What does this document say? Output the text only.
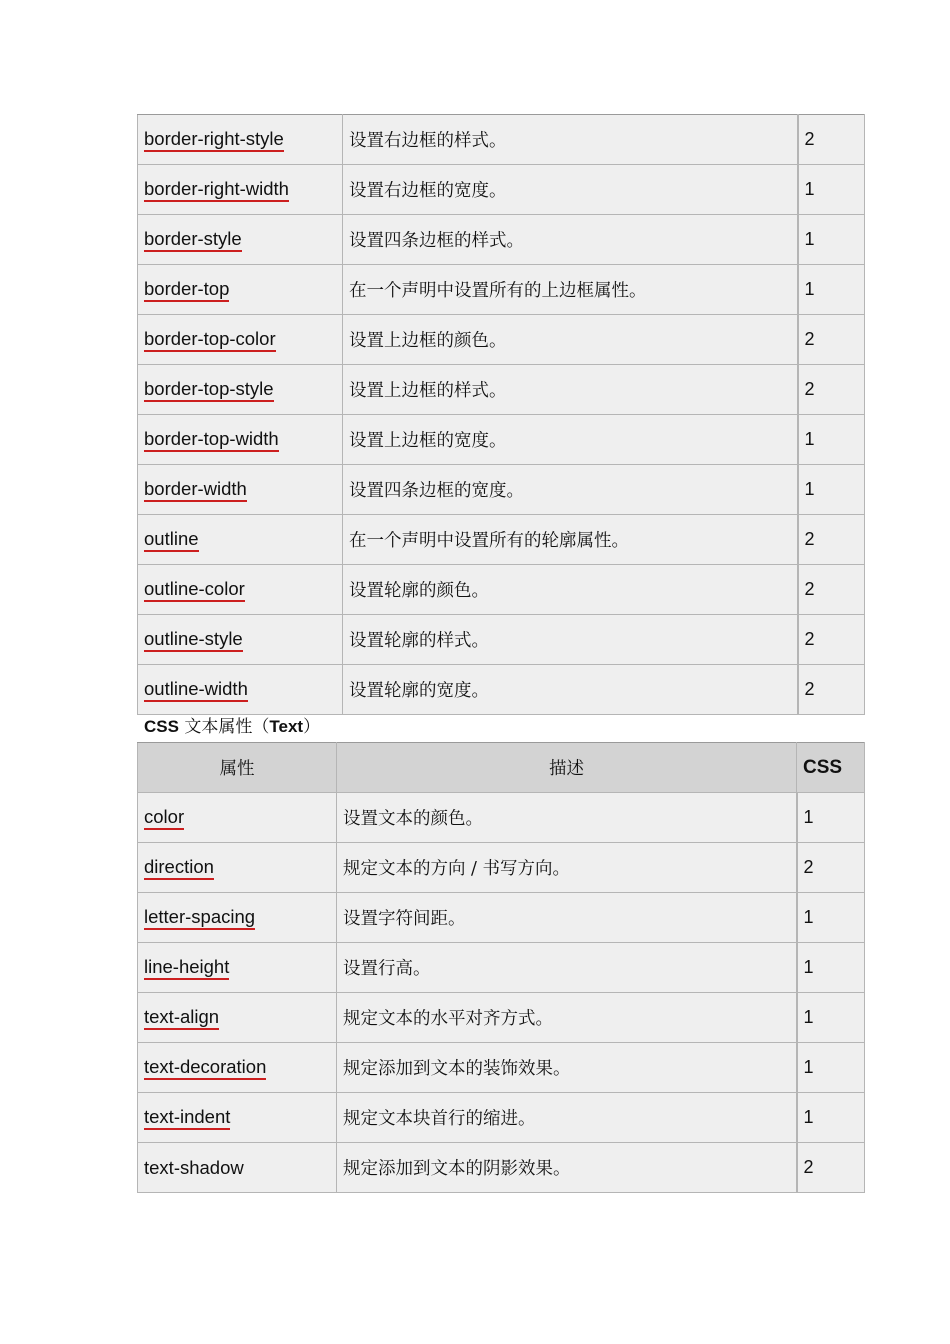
border-right-style	设置右边框的样式。	2
border-right-width	设置右边框的宽度。	1
border-style	设置四条边框的样式。	1
border-top	在一个声明中设置所有的上边框属性。	1
border-top-color	设置上边框的颜色。	2
border-top-style	设置上边框的样式。	2
border-top-width	设置上边框的宽度。	1
border-width	设置四条边框的宽度。	1
outline	在一个声明中设置所有的轮廓属性。	2
outline-color	设置轮廓的颜色。	2
outline-style	设置轮廓的样式。	2
outline-width	设置轮廓的宽度。	2
CSS 文本属性（Text）
属性	描述	CSS
color	设置文本的颜色。	1
direction	规定文本的方向 / 书写方向。	2
letter-spacing	设置字符间距。	1
line-height	设置行高。	1
text-align	规定文本的水平对齐方式。	1
text-decoration	规定添加到文本的装饰效果。	1
text-indent	规定文本块首行的缩进。	1
text-shadow	规定添加到文本的阴影效果。	2
